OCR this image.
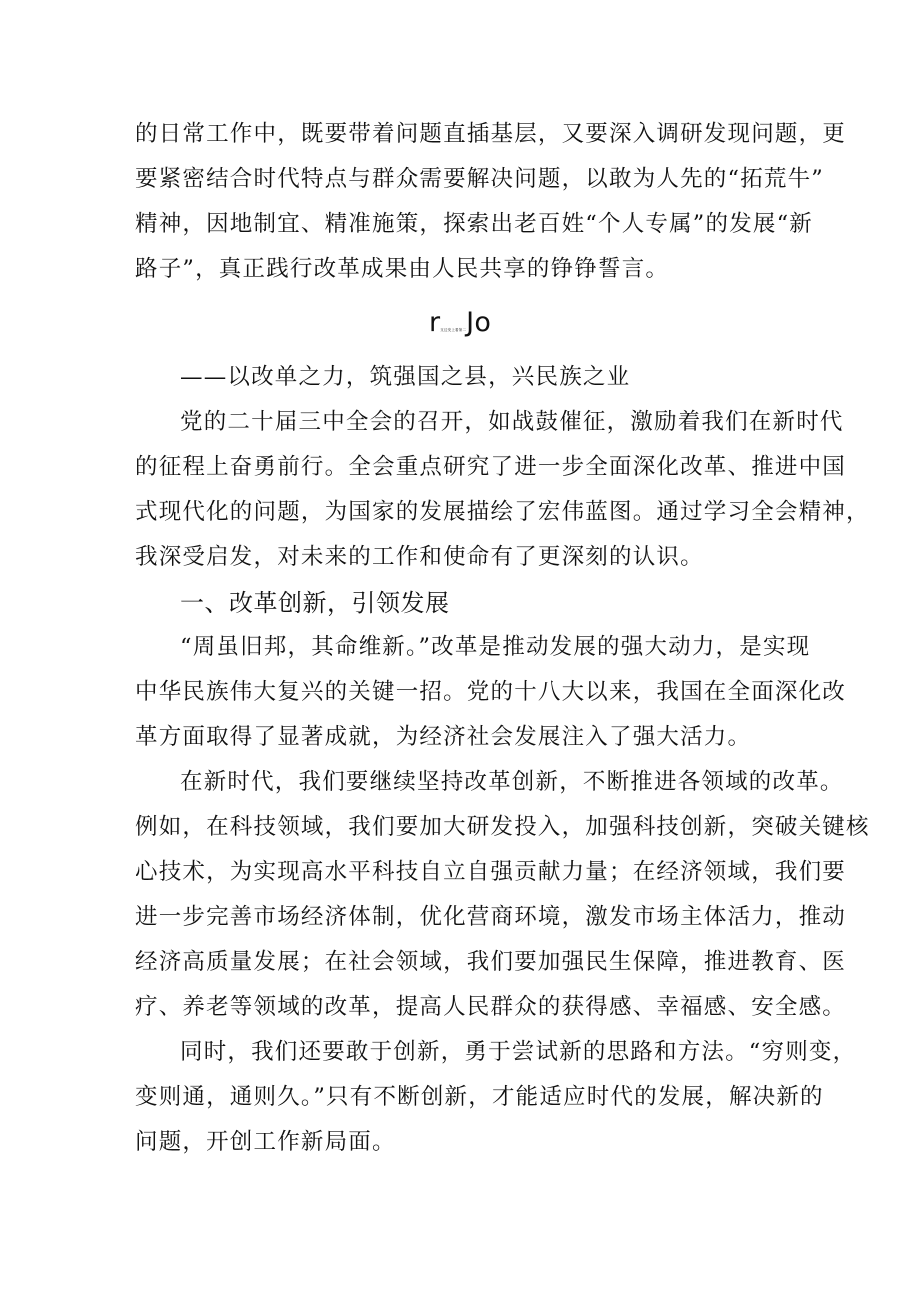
的日常工作中，既要带着问题直插基层，又要深入调研发现问题，更
要紧密结合时代特点与群众需要解决问题，以敢为人先的“拓荒牛”
精神，因地制宜、精准施策，探索出老百姓“个人专属”的发展“新
路子”，真正践行改革成果由人民共享的铮铮誓言。
r支边发上看第二Jo
——以改单之力，筑强国之县，兴民族之业
党的二十届三中全会的召开，如战鼓催征，激励着我们在新时代
的征程上奋勇前行。全会重点研究了进一步全面深化改革、推进中国
式现代化的问题，为国家的发展描绘了宏伟蓝图。通过学习全会精神，
我深受启发，对未来的工作和使命有了更深刻的认识。
一、改革创新，引领发展
“周虽旧邦，其命维新。”改革是推动发展的强大动力，是实现
中华民族伟大复兴的关键一招。党的十八大以来，我国在全面深化改
革方面取得了显著成就，为经济社会发展注入了强大活力。
在新时代，我们要继续坚持改革创新，不断推进各领域的改革。
例如，在科技领域，我们要加大研发投入，加强科技创新，突破关键核
心技术，为实现高水平科技自立自强贡献力量；在经济领域，我们要
进一步完善市场经济体制，优化营商环境，激发市场主体活力，推动
经济高质量发展；在社会领域，我们要加强民生保障，推进教育、医
疗、养老等领域的改革，提高人民群众的获得感、幸福感、安全感。
同时，我们还要敢于创新，勇于尝试新的思路和方法。“穷则变，
变则通，通则久。”只有不断创新，才能适应时代的发展，解决新的
问题，开创工作新局面。
